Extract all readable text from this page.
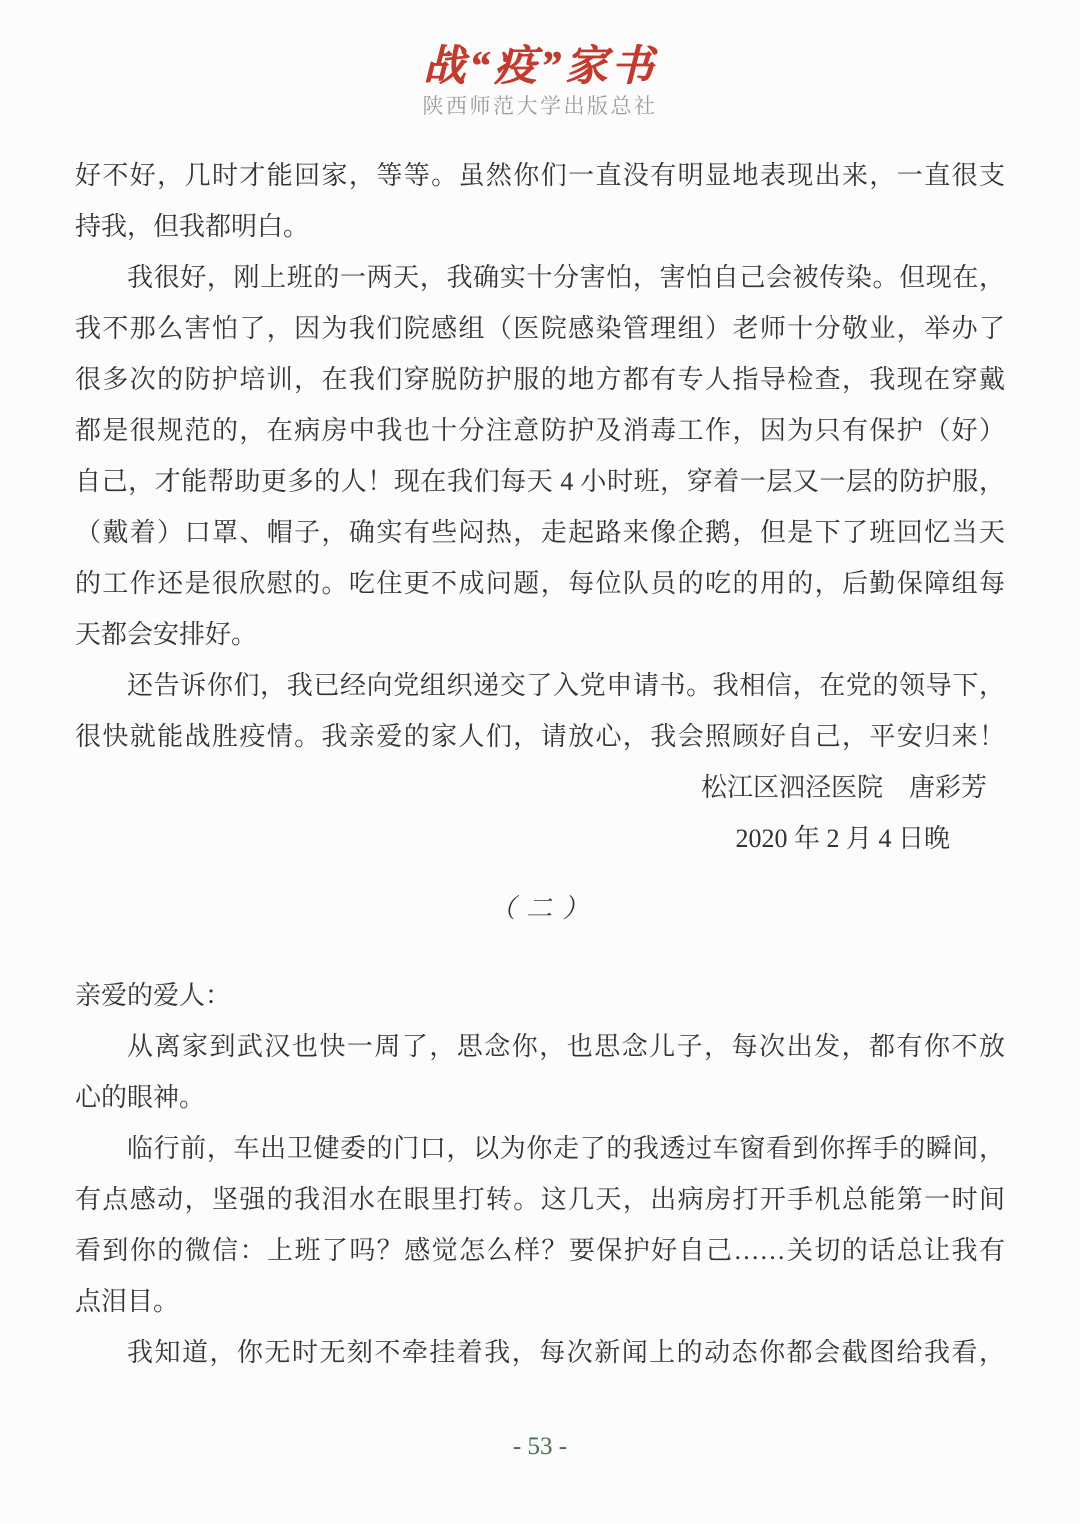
战“疫”家书
陕西师范大学出版总社
好不好，几时才能回家，等等。虽然你们一直没有明显地表现出来，一直很支
持我，但我都明白。
我很好，刚上班的一两天，我确实十分害怕，害怕自己会被传染。但现在，
我不那么害怕了，因为我们院感组（医院感染管理组）老师十分敬业，举办了
很多次的防护培训，在我们穿脱防护服的地方都有专人指导检查，我现在穿戴
都是很规范的，在病房中我也十分注意防护及消毒工作，因为只有保护（好）
自己，才能帮助更多的人！现在我们每天 4 小时班，穿着一层又一层的防护服，
（戴着）口罩、帽子，确实有些闷热，走起路来像企鹅，但是下了班回忆当天
的工作还是很欣慰的。吃住更不成问题，每位队员的吃的用的，后勤保障组每
天都会安排好。
还告诉你们，我已经向党组织递交了入党申请书。我相信，在党的领导下，
很快就能战胜疫情。我亲爱的家人们，请放心，我会照顾好自己，平安归来！
松江区泗泾医院　唐彩芳
2020 年 2 月 4 日晚
（ 二 ）
亲爱的爱人：
从离家到武汉也快一周了，思念你，也思念儿子，每次出发，都有你不放
心的眼神。
临行前，车出卫健委的门口，以为你走了的我透过车窗看到你挥手的瞬间，
有点感动，坚强的我泪水在眼里打转。这几天，出病房打开手机总能第一时间
看到你的微信：上班了吗？感觉怎么样？要保护好自己……关切的话总让我有
点泪目。
我知道，你无时无刻不牵挂着我，每次新闻上的动态你都会截图给我看，
- 53 -
